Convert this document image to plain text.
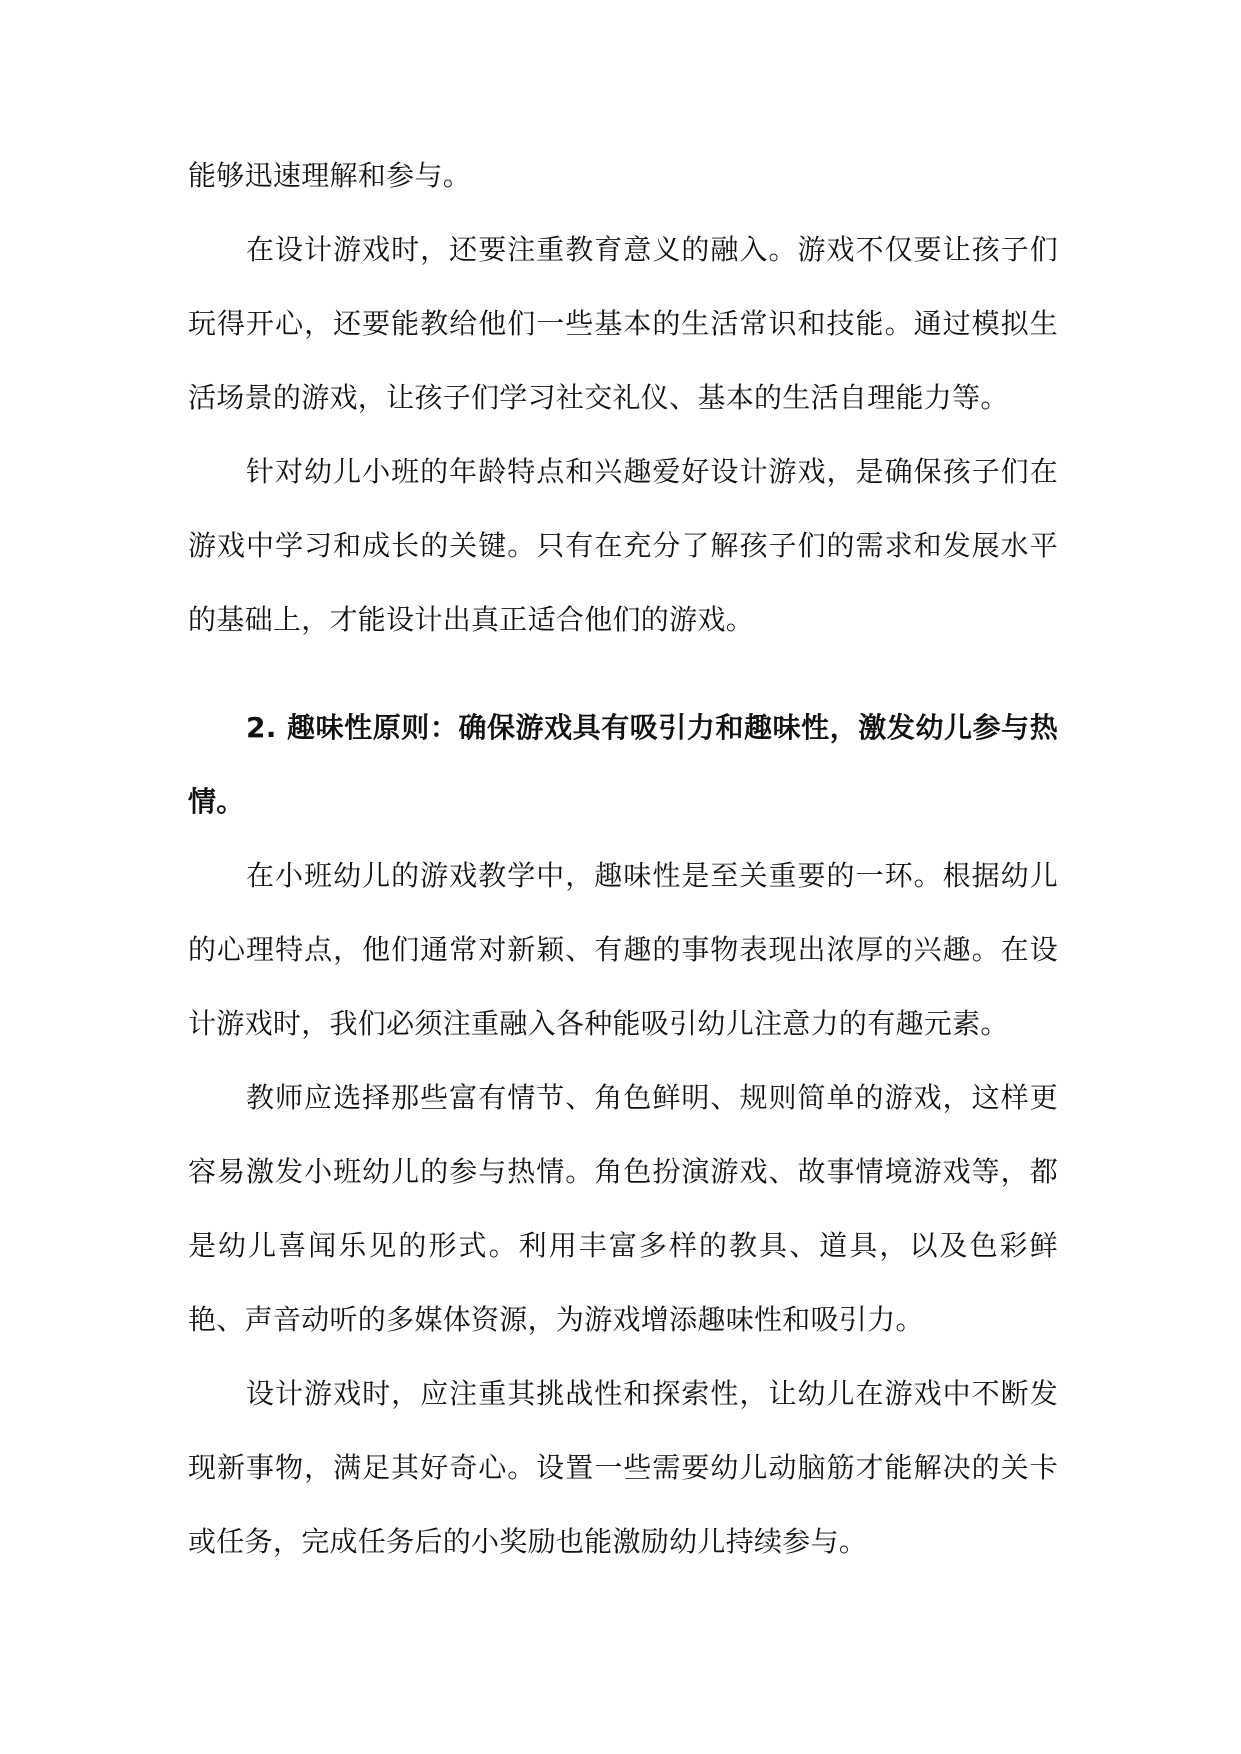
能够迅速理解和参与。

在设计游戏时，还要注重教育意义的融入。游戏不仅要让孩子们玩得开心，还要能教给他们一些基本的生活常识和技能。通过模拟生活场景的游戏，让孩子们学习社交礼仪、基本的生活自理能力等。

针对幼儿小班的年龄特点和兴趣爱好设计游戏，是确保孩子们在游戏中学习和成长的关键。只有在充分了解孩子们的需求和发展水平的基础上，才能设计出真正适合他们的游戏。

2. 趣味性原则：确保游戏具有吸引力和趣味性，激发幼儿参与热情。

在小班幼儿的游戏教学中，趣味性是至关重要的一环。根据幼儿的心理特点，他们通常对新颖、有趣的事物表现出浓厚的兴趣。在设计游戏时，我们必须注重融入各种能吸引幼儿注意力的有趣元素。

教师应选择那些富有情节、角色鲜明、规则简单的游戏，这样更容易激发小班幼儿的参与热情。角色扮演游戏、故事情境游戏等，都是幼儿喜闻乐见的形式。利用丰富多样的教具、道具，以及色彩鲜艳、声音动听的多媒体资源，为游戏增添趣味性和吸引力。

设计游戏时，应注重其挑战性和探索性，让幼儿在游戏中不断发现新事物，满足其好奇心。设置一些需要幼儿动脑筋才能解决的关卡或任务，完成任务后的小奖励也能激励幼儿持续参与。
